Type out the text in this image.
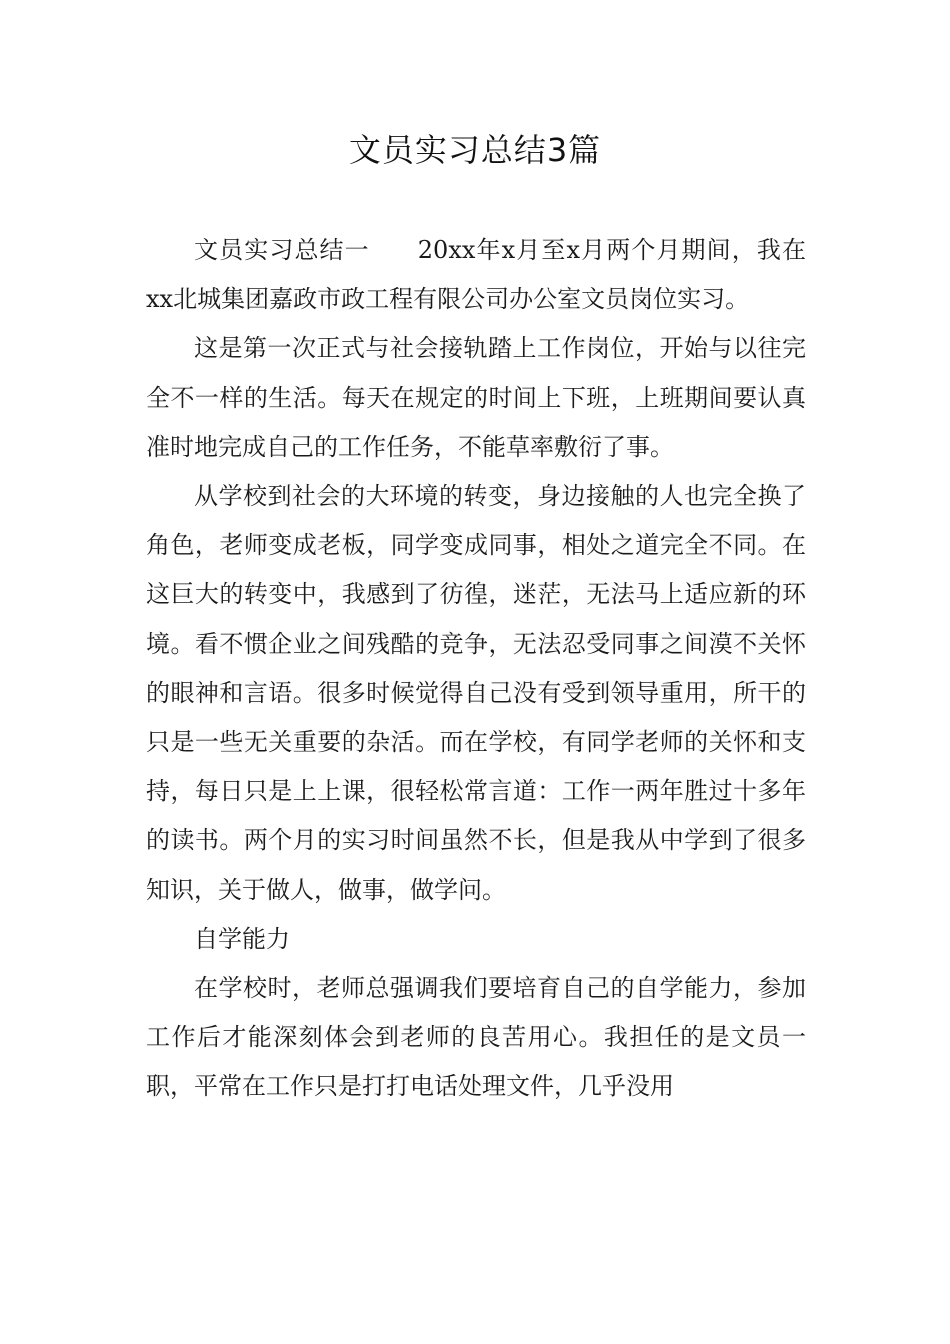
文员实习总结3篇

文员实习总结一 20xx年x月至x月两个月期间，我在xx北城集团嘉政市政工程有限公司办公室文员岗位实习。

这是第一次正式与社会接轨踏上工作岗位，开始与以往完全不一样的生活。每天在规定的时间上下班，上班期间要认真准时地完成自己的工作任务，不能草率敷衍了事。

从学校到社会的大环境的转变，身边接触的人也完全换了角色，老师变成老板，同学变成同事，相处之道完全不同。在这巨大的转变中，我感到了彷徨，迷茫，无法马上适应新的环境。看不惯企业之间残酷的竞争，无法忍受同事之间漠不关怀的眼神和言语。很多时候觉得自己没有受到领导重用，所干的只是一些无关重要的杂活。而在学校，有同学老师的关怀和支持，每日只是上上课，很轻松常言道：工作一两年胜过十多年的读书。两个月的实习时间虽然不长，但是我从中学到了很多知识，关于做人，做事，做学问。

自学能力

在学校时，老师总强调我们要培育自己的自学能力，参加工作后才能深刻体会到老师的良苦用心。我担任的是文员一职，平常在工作只是打打电话处理文件，几乎没用
